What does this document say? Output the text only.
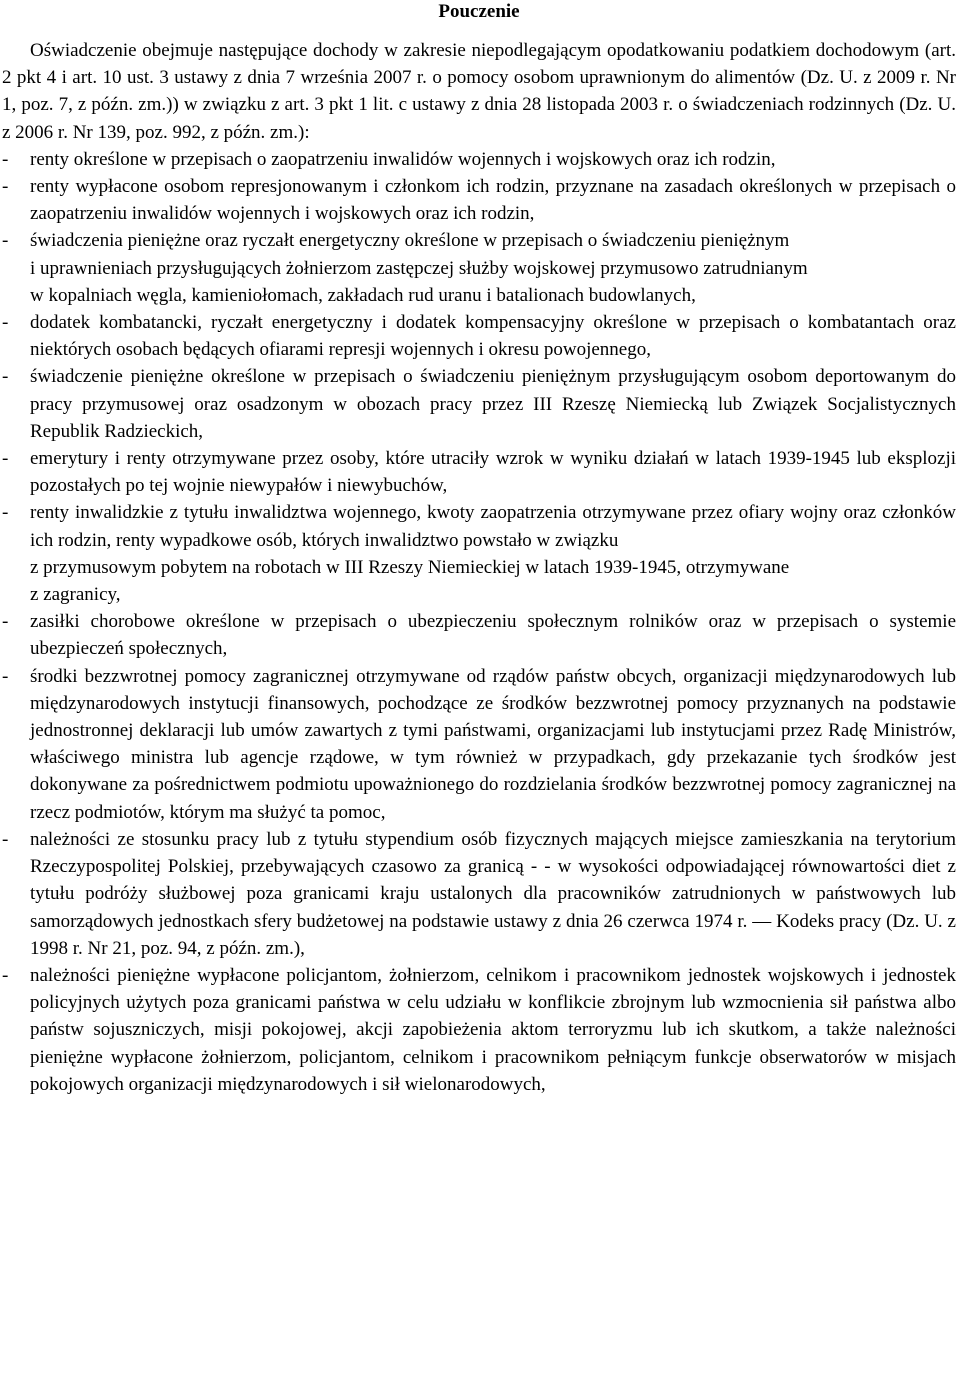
Pouczenie

Oświadczenie obejmuje następujące dochody w zakresie niepodlegającym opodatkowaniu podatkiem dochodowym (art. 2 pkt 4 i art. 10 ust. 3 ustawy z dnia 7 września 2007 r. o pomocy osobom uprawnionym do alimentów (Dz. U. z 2009 r. Nr 1, poz. 7, z późn. zm.)) w związku z art. 3 pkt 1 lit. c ustawy z dnia 28 listopada 2003 r. o świadczeniach rodzinnych (Dz. U. z 2006 r. Nr 139, poz. 992, z późn. zm.):

- renty określone w przepisach o zaopatrzeniu inwalidów wojennych i wojskowych oraz ich rodzin,
- renty wypłacone osobom represjonowanym i członkom ich rodzin, przyznane na zasadach określonych w przepisach o zaopatrzeniu inwalidów wojennych i wojskowych oraz ich rodzin,
- świadczenia pieniężne oraz ryczałt energetyczny określone w przepisach o świadczeniu pieniężnym
i uprawnieniach przysługujących żołnierzom zastępczej służby wojskowej przymusowo zatrudnianym
w kopalniach węgla, kamieniołomach, zakładach rud uranu i batalionach budowlanych,
- dodatek kombatancki, ryczałt energetyczny i dodatek kompensacyjny określone w przepisach o kombatantach oraz niektórych osobach będących ofiarami represji wojennych i okresu powojennego,
- świadczenie pieniężne określone w przepisach o świadczeniu pieniężnym przysługującym osobom deportowanym do pracy przymusowej oraz osadzonym w obozach pracy przez III Rzeszę Niemiecką lub Związek Socjalistycznych Republik Radzieckich,
- emerytury i renty otrzymywane przez osoby, które utraciły wzrok w wyniku działań w latach 1939-1945 lub eksplozji pozostałych po tej wojnie niewypałów i niewybuchów,
- renty inwalidzkie z tytułu inwalidztwa wojennego, kwoty zaopatrzenia otrzymywane przez ofiary wojny oraz członków ich rodzin, renty wypadkowe osób, których inwalidztwo powstało w związku
z przymusowym pobytem na robotach w III Rzeszy Niemieckiej w latach 1939-1945, otrzymywane
z zagranicy,
- zasiłki chorobowe określone w przepisach o ubezpieczeniu społecznym rolników oraz w przepisach o systemie ubezpieczeń społecznych,
- środki bezzwrotnej pomocy zagranicznej otrzymywane od rządów państw obcych, organizacji międzynarodowych lub międzynarodowych instytucji finansowych, pochodzące ze środków bezzwrotnej pomocy przyznanych na podstawie jednostronnej deklaracji lub umów zawartych z tymi państwami, organizacjami lub instytucjami przez Radę Ministrów, właściwego ministra lub agencje rządowe, w tym również w przypadkach, gdy przekazanie tych środków jest dokonywane za pośrednictwem podmiotu upoważnionego do rozdzielania środków bezzwrotnej pomocy zagranicznej na rzecz podmiotów, którym ma służyć ta pomoc,
- należności ze stosunku pracy lub z tytułu stypendium osób fizycznych mających miejsce zamieszkania na terytorium Rzeczypospolitej Polskiej, przebywających czasowo za granicą - - w wysokości odpowiadającej równowartości diet z tytułu podróży służbowej poza granicami kraju ustalonych dla pracowników zatrudnionych w państwowych lub samorządowych jednostkach sfery budżetowej na podstawie ustawy z dnia 26 czerwca 1974 r. — Kodeks pracy (Dz. U. z 1998 r. Nr 21, poz. 94, z późn. zm.),
- należności pieniężne wypłacone policjantom, żołnierzom, celnikom i pracownikom jednostek wojskowych i jednostek policyjnych użytych poza granicami państwa w celu udziału w konflikcie zbrojnym lub wzmocnienia sił państwa albo państw sojuszniczych, misji pokojowej, akcji zapobieżenia aktom terroryzmu lub ich skutkom, a także należności pieniężne wypłacone żołnierzom, policjantom, celnikom i pracownikom pełniącym funkcje obserwatorów w misjach pokojowych organizacji międzynarodowych i sił wielonarodowych,
